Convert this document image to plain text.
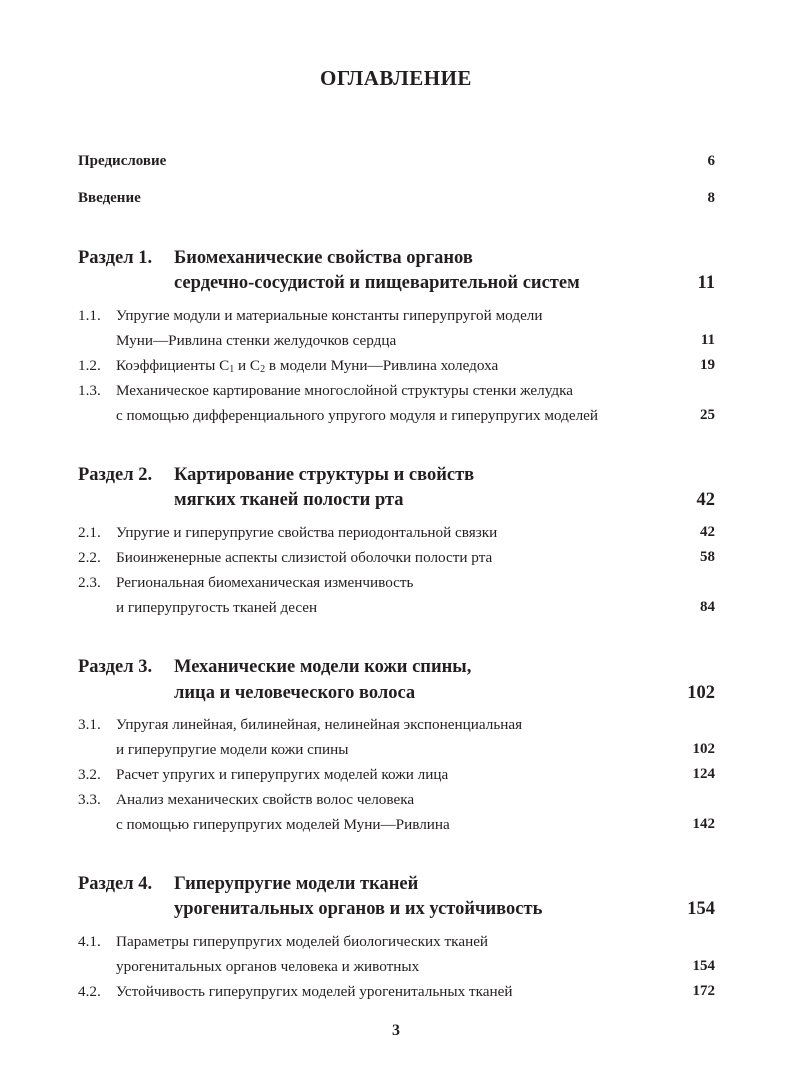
ОГЛАВЛЕНИЕ
Предисловие	6
Введение	8
Раздел 1. Биомеханические свойства органов
сердечно-сосудистой и пищеварительной систем	11
1.1. Упругие модули и материальные константы гиперупругой модели
Муни—Ривлина стенки желудочков сердца	11
1.2. Коэффициенты $C_1$ и $C_2$ в модели Муни—Ривлина холедоха	19
1.3. Механическое картирование многослойной структуры стенки желудка
с помощью дифференциального упругого модуля и гиперупругих моделей	25
Раздел 2. Картирование структуры и свойств
мягких тканей полости рта	42
2.1. Упругие и гиперупругие свойства периодонтальной связки	42
2.2. Биоинженерные аспекты слизистой оболочки полости рта	58
2.3. Региональная биомеханическая изменчивость
и гиперупругость тканей десен	84
Раздел 3. Механические модели кожи спины,
лица и человеческого волоса	102
3.1. Упругая линейная, билинейная, нелинейная экспоненциальная
и гиперупругие модели кожи спины	102
3.2. Расчет упругих и гиперупругих моделей кожи лица	124
3.3. Анализ механических свойств волос человека
с помощью гиперупругих моделей Муни—Ривлина	142
Раздел 4. Гиперупругие модели тканей
урогенитальных органов и их устойчивость	154
4.1. Параметры гиперупругих моделей биологических тканей
урогенитальных органов человека и животных	154
4.2. Устойчивость гиперупругих моделей урогенитальных тканей	172
3
